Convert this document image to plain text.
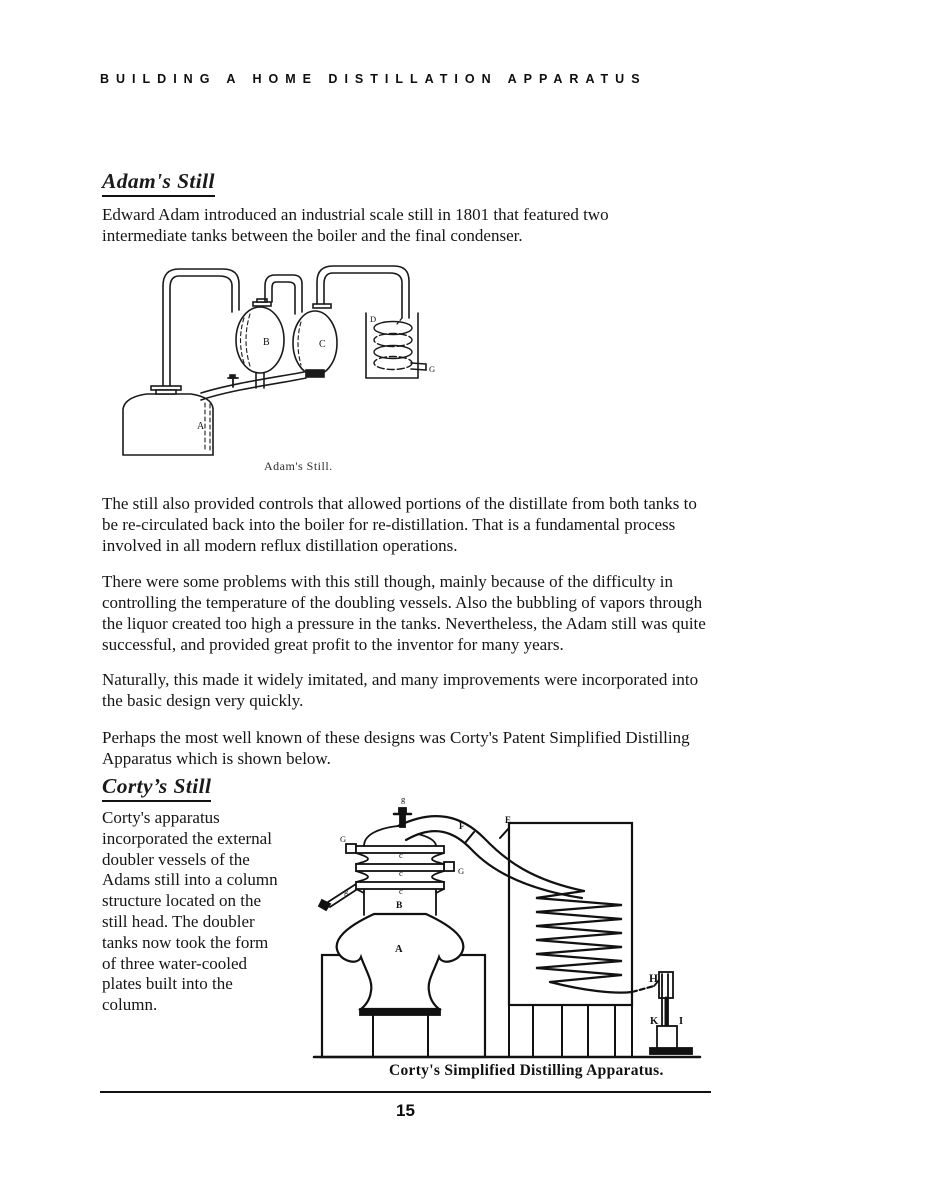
BUILDING A HOME DISTILLATION APPARATUS
Adam's Still
Edward Adam introduced an industrial scale still in 1801 that featured two intermediate tanks between the boiler and the final condenser.
A
B	C
D
G
Adam's Still.
The still also provided controls that allowed portions of the distillate from both tanks to be re-circulated back into the boiler for re-distillation. That is a fundamental process involved in all modern reflux distillation operations.
There were some problems with this still though, mainly because of the difficulty in controlling the temperature of the doubling vessels. Also the bubbling of vapors through the liquor created too high a pressure in the tanks. Nevertheless, the Adam still was quite successful, and provided great profit to the inventor for many years.
Naturally, this made it widely imitated, and many improvements were incorporated into the basic design very quickly.
Perhaps the most well known of these designs was Corty's Patent Simplified Distilling Apparatus which is shown below.
Corty’s Still
Corty's apparatus incorporated the external doubler vessels of the Adams still into a column structure located on the still head. The doubler tanks now took the form of three water-cooled plates built into the column.
g
G
G
c
c
c
B
g
A
F
E
H
K I
Corty's Simplified Distilling Apparatus.
15
